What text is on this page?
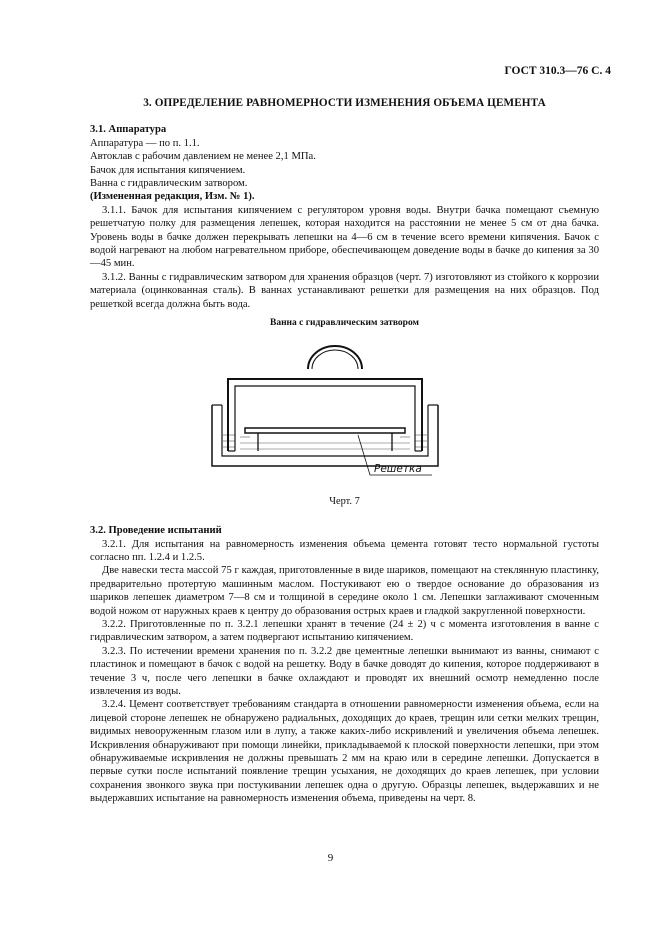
ГОСТ 310.3—76 С. 4
3. ОПРЕДЕЛЕНИЕ РАВНОМЕРНОСТИ ИЗМЕНЕНИЯ ОБЪЕМА ЦЕМЕНТА
3.1. Аппаратура
Аппаратура — по п. 1.1.
Автоклав с рабочим давлением не менее 2,1 МПа.
Бачок для испытания кипячением.
Ванна с гидравлическим затвором.
(Измененная редакция, Изм. № 1).

3.1.1. Бачок для испытания кипячением с регулятором уровня воды. Внутри бачка помещают съемную решетчатую полку для размещения лепешек, которая находится на расстоянии не менее 5 см от дна бачка. Уровень воды в бачке должен перекрывать лепешки на 4—6 см в течение всего времени кипячения. Бачок с водой нагревают на любом нагревательном приборе, обеспечивающем доведение воды в бачке до кипения за 30—45 мин.

3.1.2. Ванны с гидравлическим затвором для хранения образцов (черт. 7) изготовляют из стойкого к коррозии материала (оцинкованная сталь). В ваннах устанавливают решетки для размещения на них образцов. Под решеткой всегда должна быть вода.

Ванна с гидравлическим затвором
Решетка
Черт. 7
3.2. Проведение испытаний

3.2.1. Для испытания на равномерность изменения объема цемента готовят тесто нормальной густоты согласно пп. 1.2.4 и 1.2.5.

Две навески теста массой 75 г каждая, приготовленные в виде шариков, помещают на стеклянную пластинку, предварительно протертую машинным маслом. Постукивают ею о твердое основание до образования из шариков лепешек диаметром 7—8 см и толщиной в середине около 1 см. Лепешки заглаживают смоченным водой ножом от наружных краев к центру до образования острых краев и гладкой закругленной поверхности.

3.2.2. Приготовленные по п. 3.2.1 лепешки хранят в течение (24 ± 2) ч с момента изготовления в ванне с гидравлическим затвором, а затем подвергают испытанию кипячением.

3.2.3. По истечении времени хранения по п. 3.2.2 две цементные лепешки вынимают из ванны, снимают с пластинок и помещают в бачок с водой на решетку. Воду в бачке доводят до кипения, которое поддерживают в течение 3 ч, после чего лепешки в бачке охлаждают и проводят их внешний осмотр немедленно после извлечения из воды.

3.2.4. Цемент соответствует требованиям стандарта в отношении равномерности изменения объема, если на лицевой стороне лепешек не обнаружено радиальных, доходящих до краев, трещин или сетки мелких трещин, видимых невооруженным глазом или в лупу, а также каких-либо искривлений и увеличения объема лепешек. Искривления обнаруживают при помощи линейки, прикладываемой к плоской поверхности лепешки, при этом обнаруживаемые искривления не должны превышать 2 мм на краю или в середине лепешки. Допускается в первые сутки после испытаний появление трещин усыхания, не доходящих до краев лепешек, при условии сохранения звонкого звука при постукивании лепешек одна о другую. Образцы лепешек, выдержавших и не выдержавших испытание на равномерность изменения объема, приведены на черт. 8.

9
